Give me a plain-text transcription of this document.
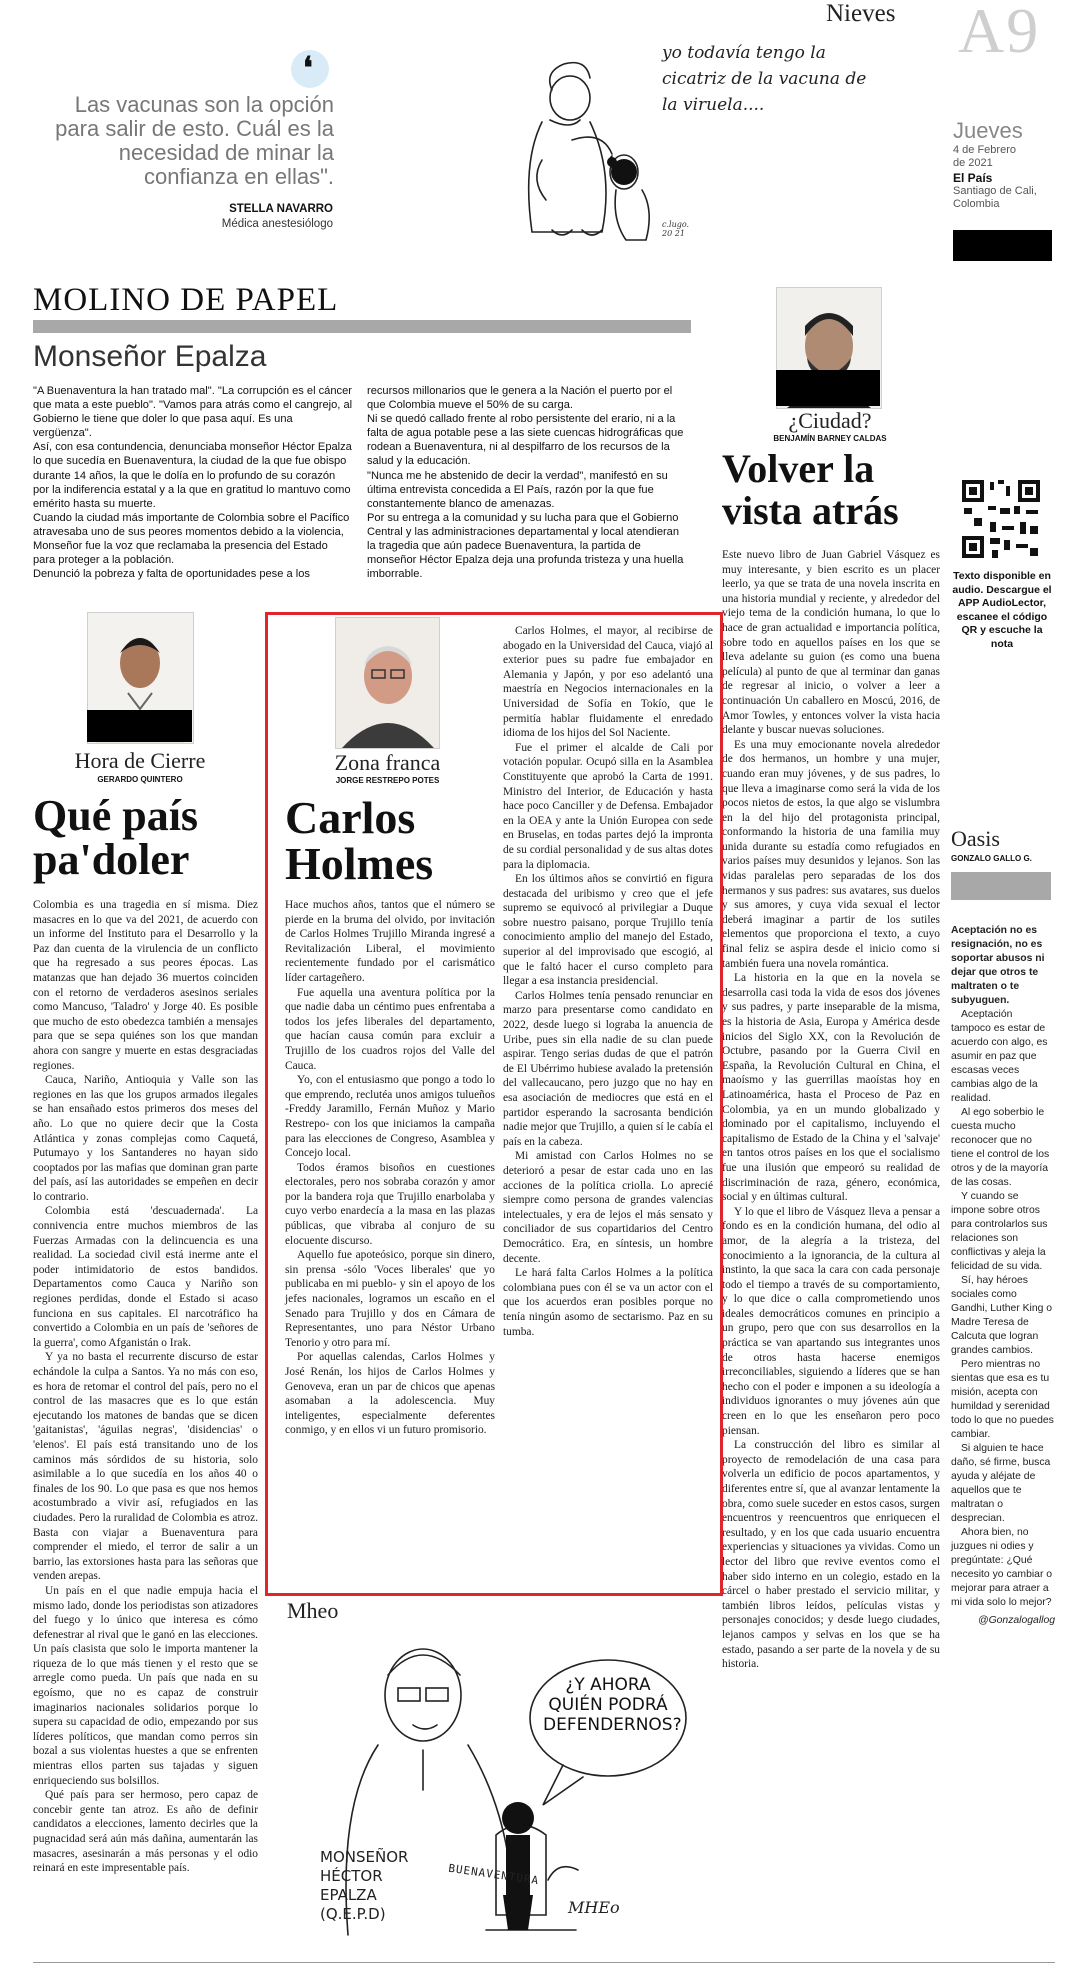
Nieves A9
Jueves
4 de Febrero
de 2021
El País
Santiago de Cali,
Colombia
❛
Las vacunas son la opción para salir de esto. Cuál es la necesidad de minar la confianza en ellas".
STELLA NAVARRO
Médica anestesiólogo
yo todavía tengo la cicatriz de la vacuna de la viruela....
c.lugo.
20 21
MOLINO DE PAPEL
Monseñor Epalza

"A Buenaventura la han tratado mal". "La corrupción es el cáncer que mata a este pueblo". "Vamos para atrás como el cangrejo, al Gobierno le tiene que doler lo que pasa aquí. Es una vergüenza".

Así, con esa contundencia, denunciaba monseñor Héctor Epalza lo que sucedía en Buenaventura, la ciudad de la que fue obispo durante 14 años, la que le dolía en lo profundo de su corazón por la indiferencia estatal y a la que en gratitud lo mantuvo como emérito hasta su muerte.

Cuando la ciudad más importante de Colombia sobre el Pacífico atravesaba uno de sus peores momentos debido a la violencia, Monseñor fue la voz que reclamaba la presencia del Estado para proteger a la población.

Denunció la pobreza y falta de oportunidades pese a los

recursos millonarios que le genera a la Nación el puerto por el que Colombia mueve el 50% de su carga.

Ni se quedó callado frente al robo persistente del erario, ni a la falta de agua potable pese a las siete cuencas hidrográficas que rodean a Buenaventura, ni al despilfarro de los recursos de la salud y la educación.

"Nunca me he abstenido de decir la verdad", manifestó en su última entrevista concedida a El País, razón por la que fue constantemente blanco de amenazas.

Por su entrega a la comunidad y su lucha para que el Gobierno Central y las administraciones departamental y local atendieran la tragedia que aún padece Buenaventura, la partida de monseñor Héctor Epalza deja una profunda tristeza y una huella imborrable.

¿Ciudad?
BENJAMÍN BARNEY CALDAS
Volver la vista atrás

Este nuevo libro de Juan Gabriel Vásquez es muy interesante, y bien escrito es un placer leerlo, ya que se trata de una novela inscrita en una historia mundial y reciente, y alrededor del viejo tema de la condición humana, lo que lo hace de gran actualidad e importancia política, sobre todo en aquellos países en los que se lleva adelante su guion (es como una buena película) al punto de que al terminar dan ganas de regresar al inicio, o volver a leer a continuación Un caballero en Moscú, 2016, de Amor Towles, y entonces volver la vista hacia delante y buscar nuevas soluciones.

Es una muy emocionante novela alrededor de dos hermanos, un hombre y una mujer, cuando eran muy jóvenes, y de sus padres, lo que lleva a imaginarse como será la vida de los pocos nietos de estos, la que algo se vislumbra en la del hijo del protagonista principal, conformando la historia de una familia muy unida durante su estadía como refugiados en varios países muy desunidos y lejanos. Son las vidas paralelas pero separadas de los dos hermanos y sus padres: sus avatares, sus duelos y sus amores, y cuya vida sexual el lector deberá imaginar a partir de los sutiles elementos que proporciona el texto, a cuyo final feliz se aspira desde el inicio como si también fuera una novela romántica.

La historia en la que en la novela se desarrolla casi toda la vida de esos dos jóvenes y sus padres, y parte inseparable de la misma, es la historia de Asia, Europa y América desde inicios del Siglo XX, con la Revolución de Octubre, pasando por la Guerra Civil en España, la Revolución Cultural en China, el maoísmo y las guerrillas maoístas hoy en Latinoamérica, hasta el Proceso de Paz en Colombia, ya en un mundo globalizado y dominado por el capitalismo, incluyendo el capitalismo de Estado de la China y el 'salvaje' en tantos otros países en los que el socialismo fue una ilusión que empeoró su realidad de discriminación de raza, género, económica, social y en últimas cultural.

Y lo que el libro de Vásquez lleva a pensar a fondo es en la condición humana, del odio al amor, de la alegría a la tristeza, del conocimiento a la ignorancia, de la cultura al instinto, la que saca la cara con cada personaje todo el tiempo a través de su comportamiento, y lo que dice o calla comprometiendo unos ideales democráticos comunes en principio a un grupo, pero que con sus desarrollos en la práctica se van apartando sus integrantes unos de otros hasta hacerse enemigos irreconciliables, siguiendo a líderes que se han hecho con el poder e imponen a su ideología a individuos ignorantes o muy jóvenes aún que creen en lo que les enseñaron pero poco piensan.

La construcción del libro es similar al proyecto de remodelación de una casa para volverla un edificio de pocos apartamentos, y diferentes entre sí, que al avanzar lentamente la obra, como suele suceder en estos casos, surgen encuentros y reencuentros que enriquecen el resultado, y en los que cada usuario encuentra experiencias y situaciones ya vividas. Como un lector del libro que revive eventos como el haber sido interno en un colegio, estado en la cárcel o haber prestado el servicio militar, y también libros leídos, películas vistas y personajes conocidos; y desde luego ciudades, lejanos campos y selvas en los que se ha estado, pasando a ser parte de la novela y de su historia.

Texto disponible en audio. Descargue el APP AudioLector, escanee el código QR y escuche la nota
Oasis
GONZALO GALLO G.

Aceptación no es resignación, no es soportar abusos ni dejar que otros te maltraten o te subyuguen.

Aceptación tampoco es estar de acuerdo con algo, es asumir en paz que escasas veces cambias algo de la realidad.

Al ego soberbio le cuesta mucho reconocer que no tiene el control de los otros y de la mayoría de las cosas.

Y cuando se impone sobre otros para controlarlos sus relaciones son conflictivas y aleja la felicidad de su vida.

Sí, hay héroes sociales como Gandhi, Luther King o Madre Teresa de Calcuta que logran grandes cambios.

Pero mientras no sientas que esa es tu misión, acepta con humildad y serenidad todo lo que no puedes cambiar.

Si alguien te hace daño, sé firme, busca ayuda y aléjate de aquellos que te maltratan o desprecian.

Ahora bien, no juzgues ni odies y pregúntate: ¿Qué necesito yo cambiar o mejorar para atraer a mi vida solo lo mejor?

@Gonzalogallog

Hora de Cierre
GERARDO QUINTERO
Qué país pa'doler

Colombia es una tragedia en sí misma. Diez masacres en lo que va del 2021, de acuerdo con un informe del Instituto para el Desarrollo y la Paz dan cuenta de la virulencia de un conflicto que ha regresado a sus peores épocas. Las matanzas que han dejado 36 muertos coinciden con el retorno de verdaderos asesinos seriales como Mancuso, 'Taladro' y Jorge 40. Es posible que mucho de esto obedezca también a mensajes para que se sepa quiénes son los que mandan ahora con sangre y muerte en estas desgraciadas regiones.

Cauca, Nariño, Antioquia y Valle son las regiones en las que los grupos armados ilegales se han ensañado estos primeros dos meses del año. Lo que no quiere decir que la Costa Atlántica y zonas complejas como Caquetá, Putumayo y los Santanderes no hayan sido cooptados por las mafias que dominan gran parte del país, así las autoridades se empeñen en decir lo contrario.

Colombia está 'descuadernada'. La connivencia entre muchos miembros de las Fuerzas Armadas con la delincuencia es una realidad. La sociedad civil está inerme ante el poder intimidatorio de estos bandidos. Departamentos como Cauca y Nariño son regiones perdidas, donde el Estado si acaso funciona en sus capitales. El narcotráfico ha convertido a Colombia en un país de 'señores de la guerra', como Afganistán o Irak.

Y ya no basta el recurrente discurso de estar echándole la culpa a Santos. Ya no más con eso, es hora de retomar el control del país, pero no el control de las masacres que es lo que están ejecutando los matones de bandas que se dicen 'gaitanistas', 'águilas negras', 'disidencias' o 'elenos'. El país está transitando uno de los caminos más sórdidos de su historia, solo asimilable a lo que sucedía en los años 40 o finales de los 90. Lo que pasa es que nos hemos acostumbrado a vivir así, refugiados en las ciudades. Pero la ruralidad de Colombia es atroz. Basta con viajar a Buenaventura para comprender el miedo, el terror de salir a un barrio, las extorsiones hasta para las señoras que venden arepas.

Un país en el que nadie empuja hacia el mismo lado, donde los periodistas son atizadores del fuego y lo único que interesa es cómo defenestrar al rival que le ganó en las elecciones. Un país clasista que solo le importa mantener la riqueza de lo que más tienen y el resto que se arregle como pueda. Un país que nada en su egoísmo, que no es capaz de construir imaginarios nacionales solidarios porque lo supera su capacidad de odio, empezando por sus líderes políticos, que mandan como perros sin bozal a sus violentas huestes a que se enfrenten mientras ellos parten sus tajadas y siguen enriqueciendo sus bolsillos.

Qué país para ser hermoso, pero capaz de concebir gente tan atroz. Es año de definir candidatos a elecciones, lamento decirles que la pugnacidad será aún más dañina, aumentarán las masacres, asesinarán a más personas y el odio reinará en este impresentable país.

Zona franca
JORGE RESTREPO POTES
Carlos Holmes

Hace muchos años, tantos que el número se pierde en la bruma del olvido, por invitación de Carlos Holmes Trujillo Miranda ingresé a Revitalización Liberal, el movimiento recientemente fundado por el carismático líder cartageñero.

Fue aquella una aventura política por la que nadie daba un céntimo pues enfrentaba a todos los jefes liberales del departamento, que hacían causa común para excluir a Trujillo de los cuadros rojos del Valle del Cauca.

Yo, con el entusiasmo que pongo a todo lo que emprendo, reclutéa unos amigos tulueños -Freddy Jaramillo, Fernán Muñoz y Mario Restrepo- con los que iniciamos la campaña para las elecciones de Congreso, Asamblea y Concejo local.

Todos éramos bisoños en cuestiones electorales, pero nos sobraba corazón y amor por la bandera roja que Trujillo enarbolaba y cuyo verbo enardecía a la masa en las plazas públicas, que vibraba al conjuro de su elocuente discurso.

Aquello fue apoteósico, porque sin dinero, sin prensa -sólo 'Voces liberales' que yo publicaba en mi pueblo- y sin el apoyo de los jefes nacionales, logramos un escaño en el Senado para Trujillo y dos en Cámara de Representantes, uno para Néstor Urbano Tenorio y otro para mí.

Por aquellas calendas, Carlos Holmes y José Renán, los hijos de Carlos Holmes y Genoveva, eran un par de chicos que apenas asomaban a la adolescencia. Muy inteligentes, especialmente deferentes conmigo, y en ellos vi un futuro promisorio.

Carlos Holmes, el mayor, al recibirse de abogado en la Universidad del Cauca, viajó al exterior pues su padre fue embajador en Alemania y Japón, y por eso adelantó una maestría en Negocios internacionales en la Universidad de Sofía en Tokío, que le permitía hablar fluidamente el enredado idioma de los hijos del Sol Naciente.

Fue el primer el alcalde de Cali por votación popular. Ocupó silla en la Asamblea Constituyente que aprobó la Carta de 1991. Ministro del Interior, de Educación y hasta hace poco Canciller y de Defensa. Embajador en la OEA y ante la Unión Europea con sede en Bruselas, en todas partes dejó la impronta de su cordial personalidad y de sus altas dotes para la diplomacia.

En los últimos años se convirtió en figura destacada del uribismo y creo que el jefe supremo se equivocó al privilegiar a Duque sobre nuestro paisano, porque Trujillo tenía conocimiento amplio del manejo del Estado, superior al del improvisado que escogió, al que le faltó hacer el curso completo para llegar a esa instancia presidencial.

Carlos Holmes tenía pensado renunciar en marzo para presentarse como candidato en 2022, desde luego si lograba la anuencia de Uribe, pues sin ella nadie de su clan puede aspirar. Tengo serias dudas de que el patrón de El Ubérrimo hubiese avalado la pretensión del vallecaucano, pero juzgo que no hay en esa asociación de mediocres que está en el partidor esperando la sacrosanta bendición nadie mejor que Trujillo, a quien sí le cabía el país en la cabeza.

Mi amistad con Carlos Holmes no se deterioró a pesar de estar cada uno en las acciones de la política criolla. Lo aprecié siempre como persona de grandes valencias intelectuales, y era de lejos el más sensato y conciliador de sus copartidarios del Centro Democrático. Era, en síntesis, un hombre decente.

Le hará falta Carlos Holmes a la política colombiana pues con él se va un actor con el que los acuerdos eran posibles porque no tenía ningún asomo de sectarismo. Paz en su tumba.

Mheo
¿Y AHORA QUIÉN PODRÁ DEFENDERNOS?
MONSEÑOR HÉCTOR EPALZA (Q.E.P.D)
BUENAVENTURA
MHEo
